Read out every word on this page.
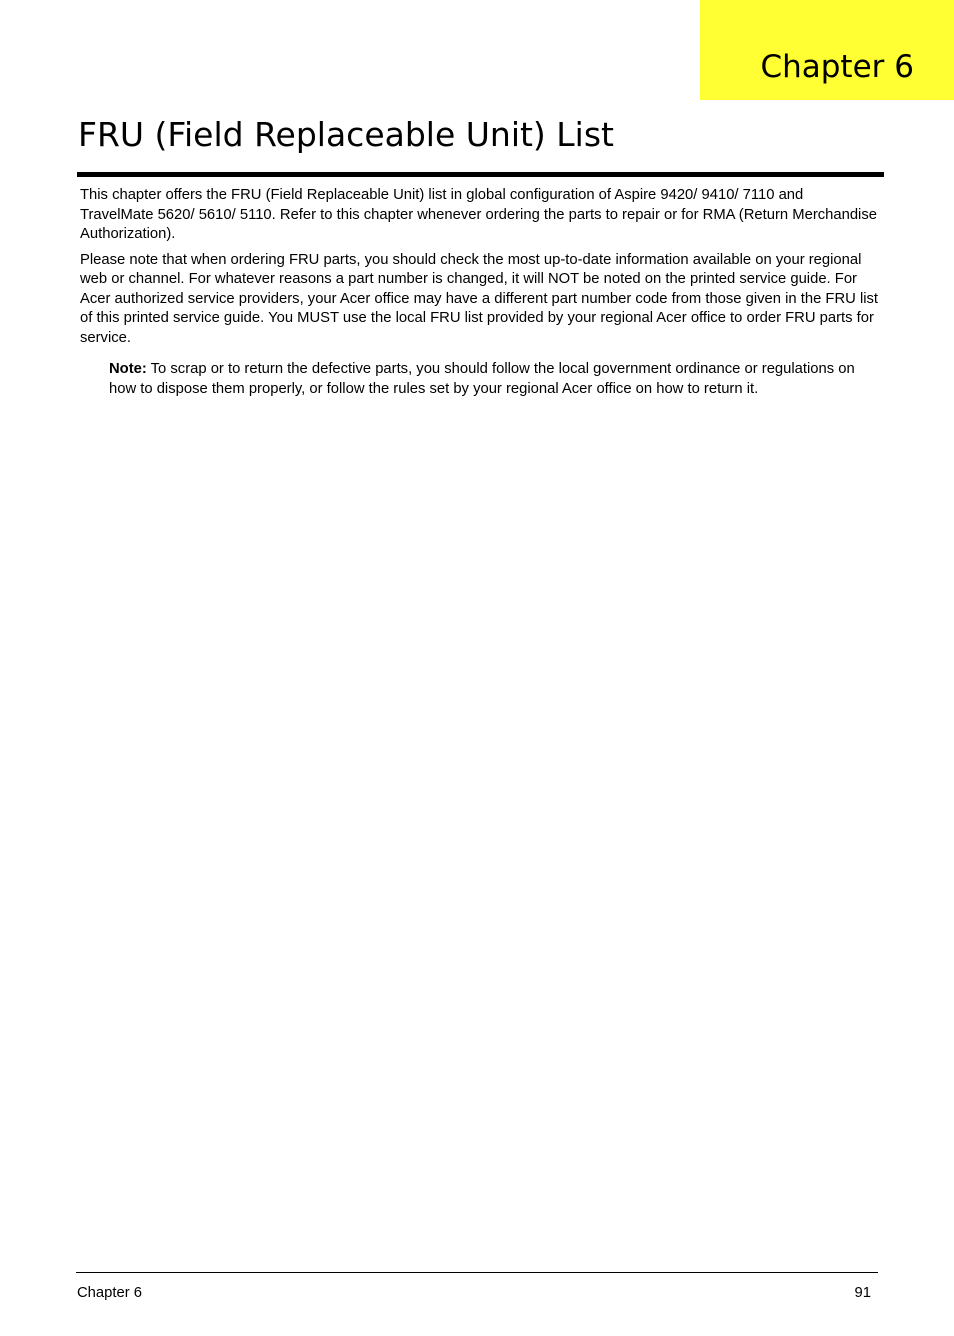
Chapter 6
FRU (Field Replaceable Unit) List

This chapter offers the FRU (Field Replaceable Unit) list in global configuration of Aspire 9420/ 9410/ 7110 and TravelMate 5620/ 5610/ 5110. Refer to this chapter whenever ordering the parts to repair or for RMA (Return Merchandise Authorization).

Please note that when ordering FRU parts, you should check the most up-to-date information available on your regional web or channel. For whatever reasons a part number is changed, it will NOT be noted on the printed service guide. For Acer authorized service providers, your Acer office may have a different part number code from those given in the FRU list of this printed service guide. You MUST use the local FRU list provided by your regional Acer office to order FRU parts for service.

Note: To scrap or to return the defective parts, you should follow the local government ordinance or regulations on how to dispose them properly, or follow the rules set by your regional Acer office on how to return it.

Chapter 6	91
